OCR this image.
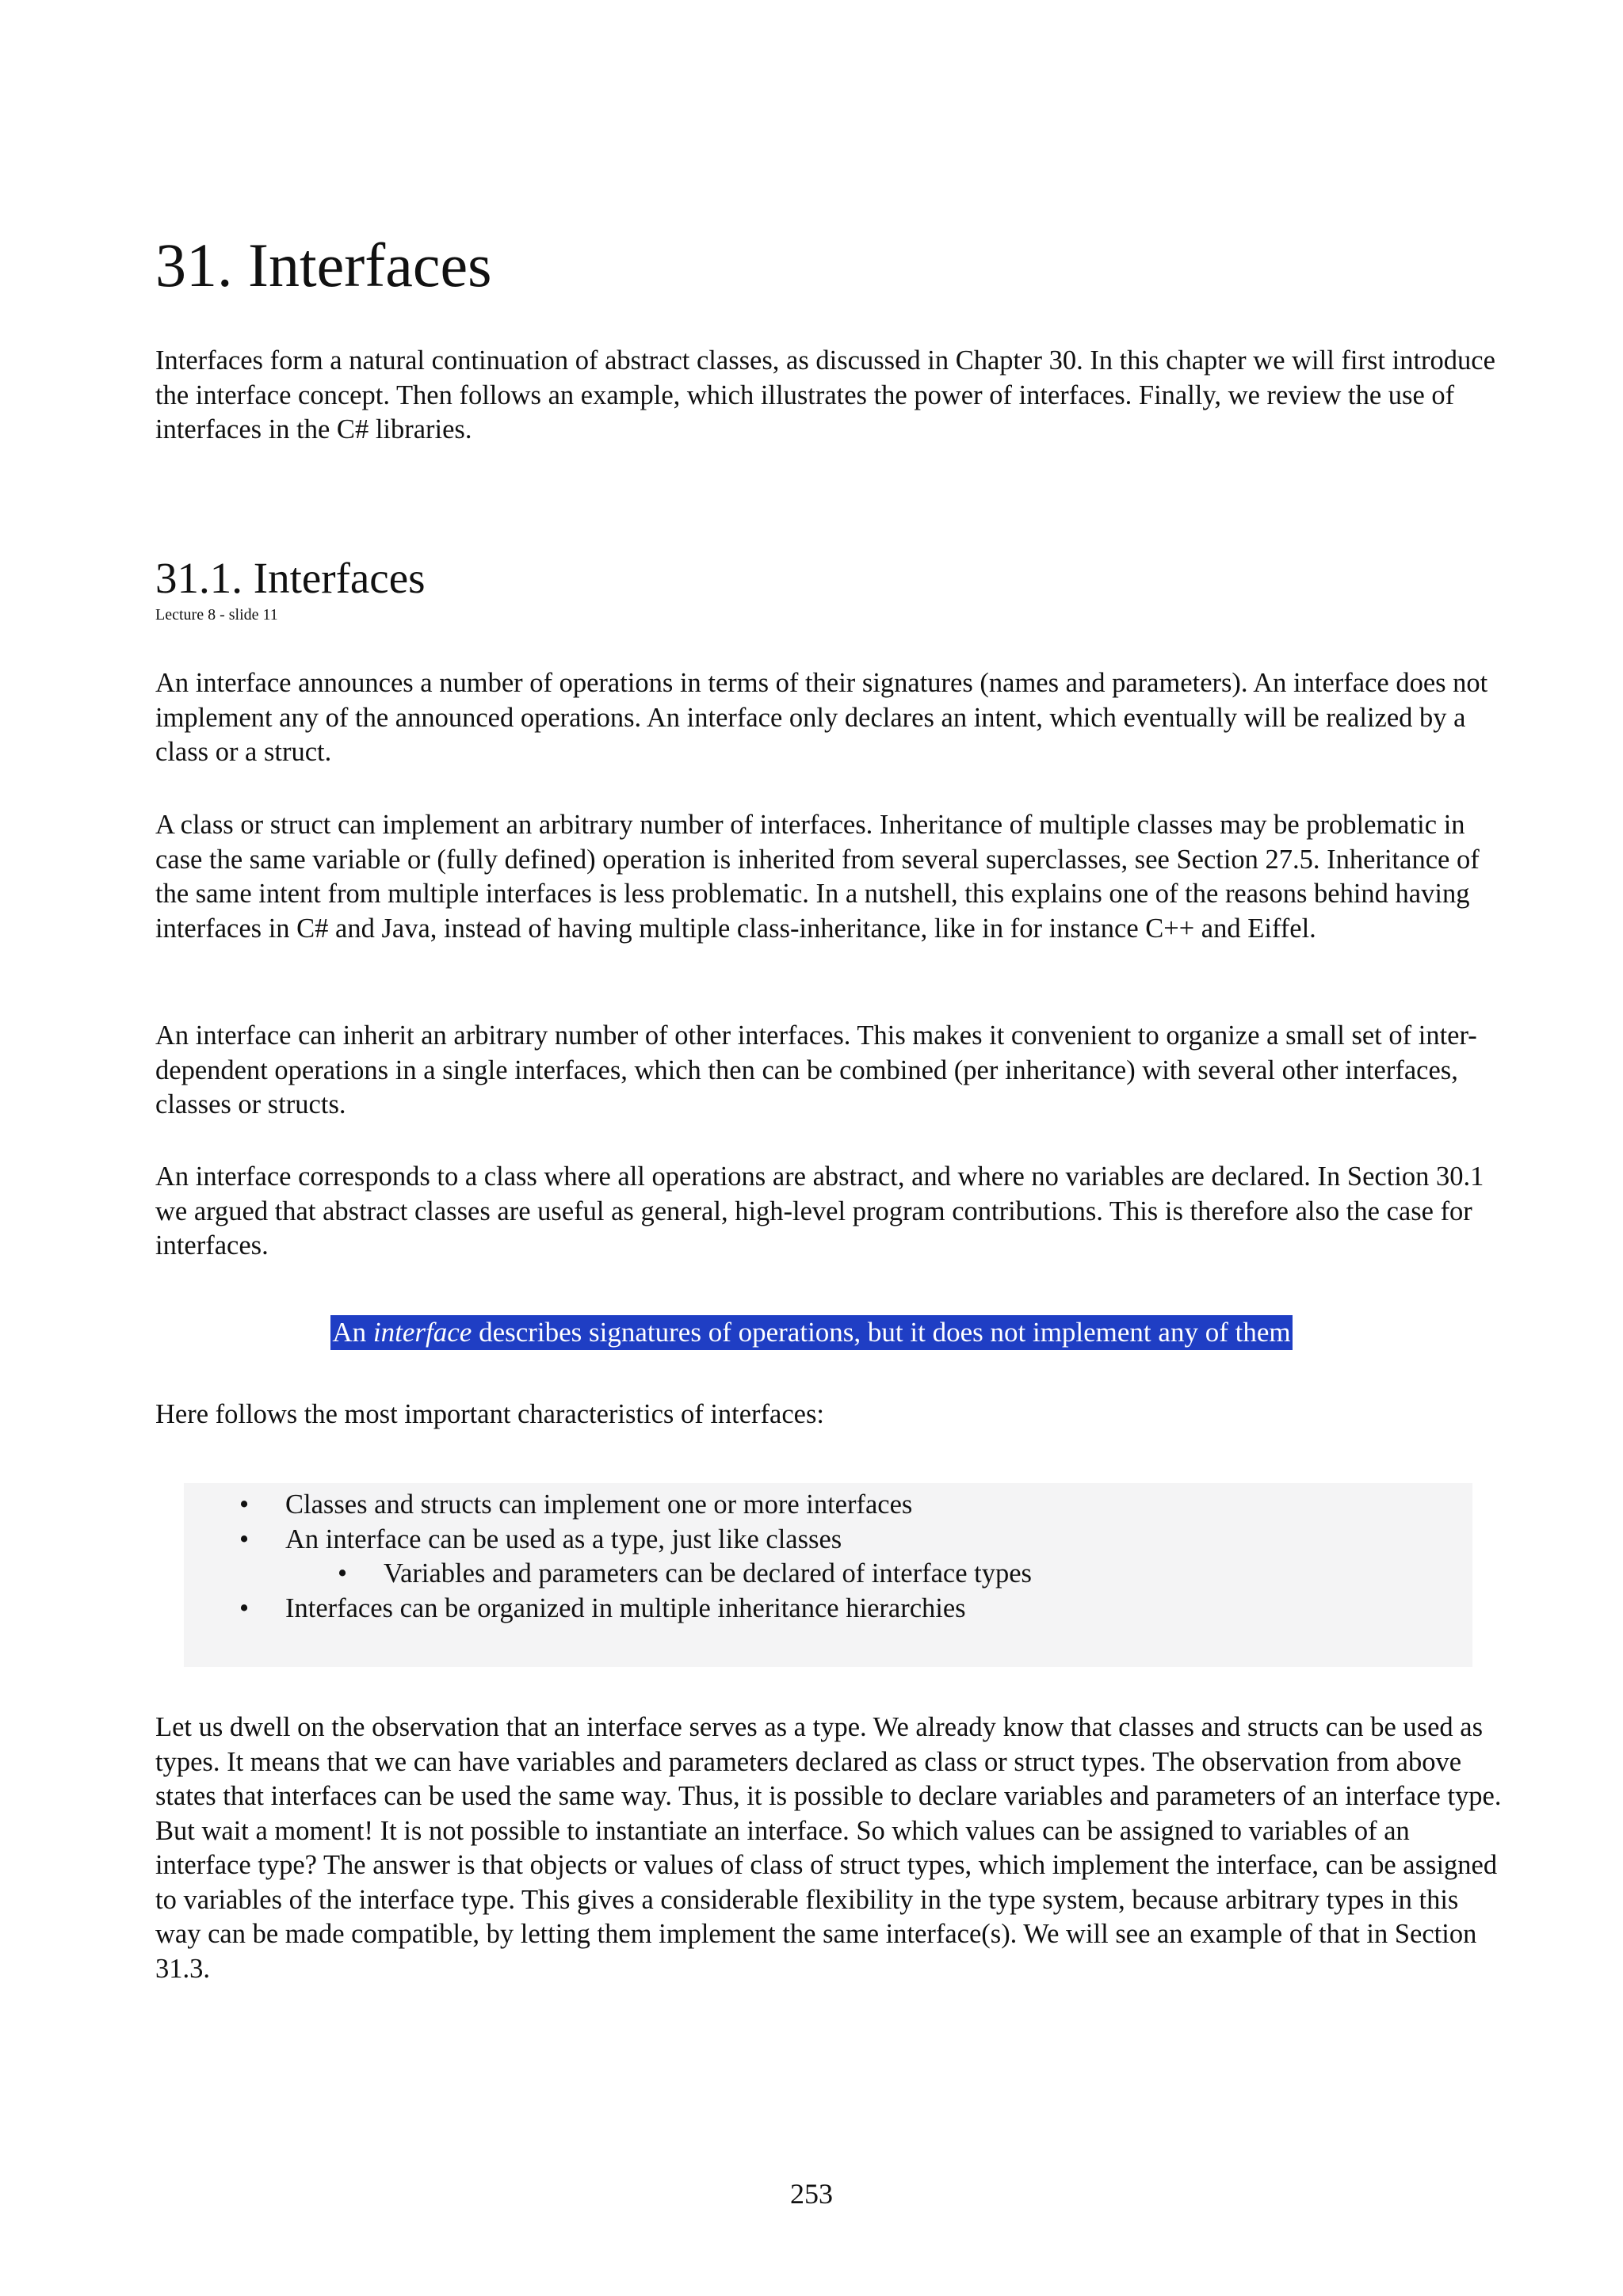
31. Interfaces

Interfaces form a natural continuation of abstract classes, as discussed in Chapter 30. In this chapter we will first introduce the interface concept. Then follows an example, which illustrates the power of interfaces. Finally, we review the use of interfaces in the C# libraries.

31.1. Interfaces
Lecture 8 - slide 11

An interface announces a number of operations in terms of their signatures (names and parameters). An interface does not implement any of the announced operations. An interface only declares an intent, which eventually will be realized by a class or a struct.

A class or struct can implement an arbitrary number of interfaces. Inheritance of multiple classes may be problematic in case the same variable or (fully defined) operation is inherited from several superclasses, see Section 27.5. Inheritance of the same intent from multiple interfaces is less problematic. In a nutshell, this explains one of the reasons behind having interfaces in C# and Java, instead of having multiple class-inheritance, like in for instance C++ and Eiffel.

An interface can inherit an arbitrary number of other interfaces. This makes it convenient to organize a small set of inter-dependent operations in a single interfaces, which then can be combined (per inheritance) with several other interfaces, classes or structs.

An interface corresponds to a class where all operations are abstract, and where no variables are declared. In Section 30.1 we argued that abstract classes are useful as general, high-level program contributions. This is therefore also the case for interfaces.

An interface describes signatures of operations, but it does not implement any of them

Here follows the most important characteristics of interfaces:

• Classes and structs can implement one or more interfaces
• An interface can be used as a type, just like classes
• Variables and parameters can be declared of interface types
• Interfaces can be organized in multiple inheritance hierarchies

Let us dwell on the observation that an interface serves as a type. We already know that classes and structs can be used as types. It means that we can have variables and parameters declared as class or struct types. The observation from above states that interfaces can be used the same way. Thus, it is possible to declare variables and parameters of an interface type. But wait a moment! It is not possible to instantiate an interface. So which values can be assigned to variables of an interface type? The answer is that objects or values of class of struct types, which implement the interface, can be assigned to variables of the interface type. This gives a considerable flexibility in the type system, because arbitrary types in this way can be made compatible, by letting them implement the same interface(s). We will see an example of that in Section 31.3.

253
